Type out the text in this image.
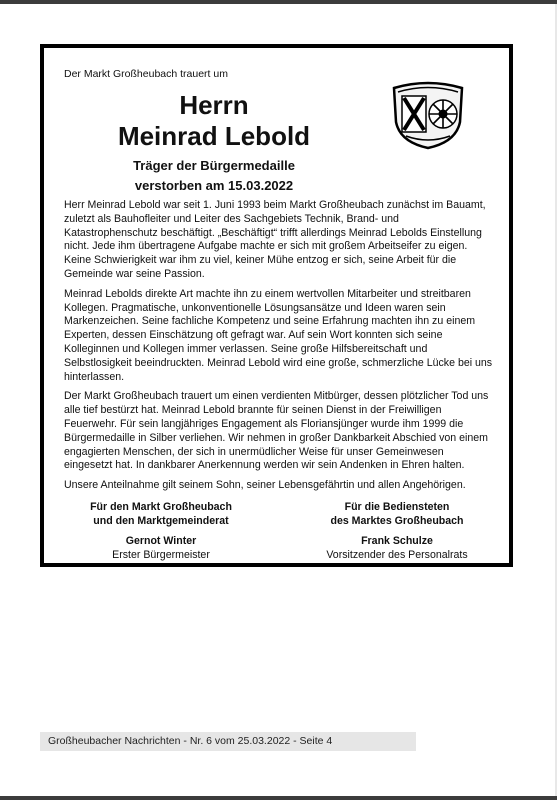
Der Markt Großheubach trauert um
Herrn
Meinrad Lebold
Träger der Bürgermedaille
verstorben am 15.03.2022

Herr Meinrad Lebold war seit 1. Juni 1993 beim Markt Großheubach zunächst im Bauamt, zuletzt als Bauhofleiter und Leiter des Sachgebiets Technik, Brand- und Katastrophenschutz beschäftigt. „Beschäftigt“ trifft allerdings Meinrad Lebolds Einstellung nicht. Jede ihm übertragene Aufgabe machte er sich mit großem Arbeitseifer zu eigen. Keine Schwierigkeit war ihm zu viel, keiner Mühe entzog er sich, seine Arbeit für die Gemeinde war seine Passion.

Meinrad Lebolds direkte Art machte ihn zu einem wertvollen Mitarbeiter und streitbaren Kollegen. Pragmatische, unkonventionelle Lösungsansätze und Ideen waren sein Markenzeichen. Seine fachliche Kompetenz und seine Erfahrung machten ihn zu einem Experten, dessen Einschätzung oft gefragt war. Auf sein Wort konnten sich seine Kolleginnen und Kollegen immer verlassen. Seine große Hilfsbereitschaft und Selbstlosigkeit beeindruckten. Meinrad Lebold wird eine große, schmerzliche Lücke bei uns hinterlassen.

Der Markt Großheubach trauert um einen verdienten Mitbürger, dessen plötzlicher Tod uns alle tief bestürzt hat. Meinrad Lebold brannte für seinen Dienst in der Freiwilligen Feuerwehr. Für sein langjähriges Engagement als Floriansjünger wurde ihm 1999 die Bürgermedaille in Silber verliehen. Wir nehmen in großer Dankbarkeit Abschied von einem engagierten Menschen, der sich in unermüdlicher Weise für unser Gemeinwesen eingesetzt hat. In dankbarer Anerkennung werden wir sein Andenken in Ehren halten.

Unsere Anteilnahme gilt seinem Sohn, seiner Lebensgefährtin und allen Angehörigen.

Für den Markt Großheubach
und den Marktgemeinderat
Gernot Winter
Erster Bürgermeister
Für die Bediensteten
des Marktes Großheubach
Frank Schulze
Vorsitzender des Personalrats
Großheubacher Nachrichten - Nr. 6 vom 25.03.2022 - Seite 4
